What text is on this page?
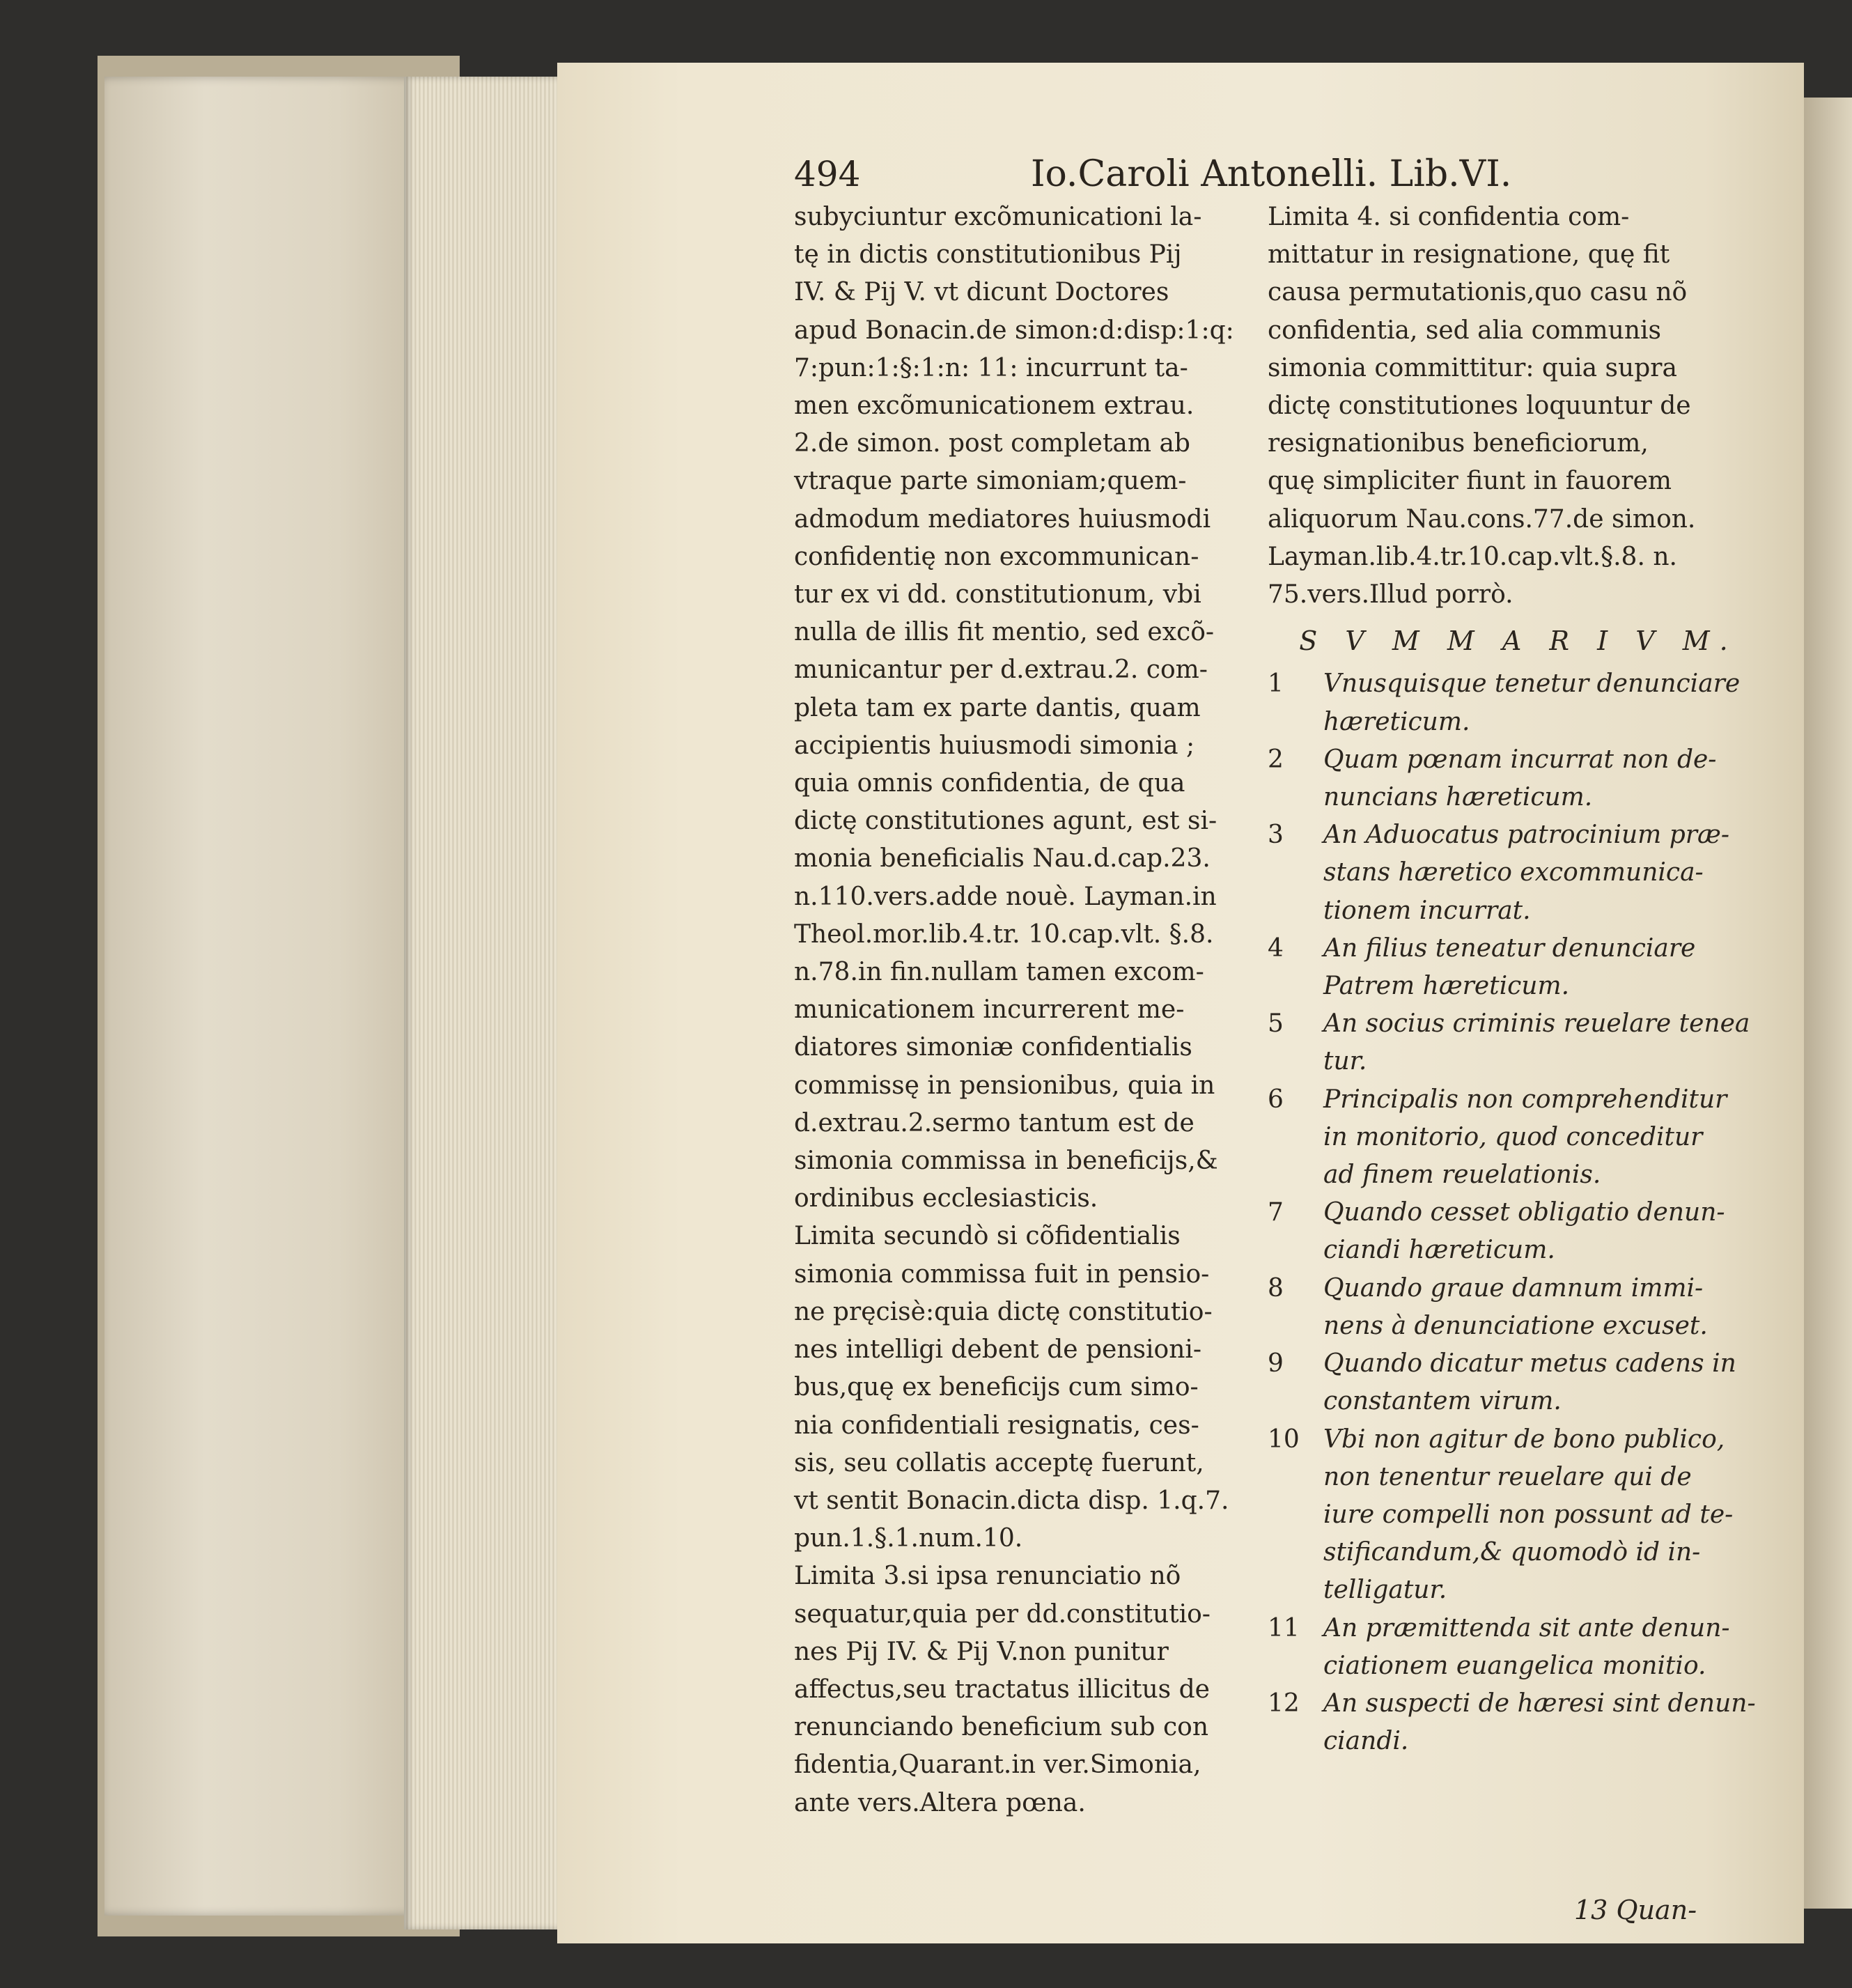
494	Io.Caroli Antonelli. Lib.VI.
subyciuntur excõmunicationi la-
tę in dictis constitutionibus Pij
IV. & Pij V. vt dicunt Doctores
apud Bonacin.de simon:d:disp:1:q:
7:pun:1:§:1:n: 11: incurrunt ta-
men excõmunicationem extrau.
2.de simon. post completam ab
vtraque parte simoniam;quem-
admodum mediatores huiusmodi
confidentię non excommunican-
tur ex vi dd. constitutionum, vbi
nulla de illis fit mentio, sed excõ-
municantur per d.extrau.2. com-
pleta tam ex parte dantis, quam
accipientis huiusmodi simonia ;
quia omnis confidentia, de qua
dictę constitutiones agunt, est si-
monia beneficialis Nau.d.cap.23.
n.110.vers.adde nouè. Layman.in
Theol.mor.lib.4.tr. 10.cap.vlt. §.8.
n.78.in fin.nullam tamen excom-
municationem incurrerent me-
diatores simoniæ confidentialis
commissę in pensionibus, quia in
d.extrau.2.sermo tantum est de
simonia commissa in beneficijs,&
ordinibus ecclesiasticis.
Limita secundò si cõfidentialis
simonia commissa fuit in pensio-
ne pręcisè:quia dictę constitutio-
nes intelligi debent de pensioni-
bus,quę ex beneficijs cum simo-
nia confidentiali resignatis, ces-
sis, seu collatis acceptę fuerunt,
vt sentit Bonacin.dicta disp. 1.q.7.
pun.1.§.1.num.10.
Limita 3.si ipsa renunciatio nõ
sequatur,quia per dd.constitutio-
nes Pij IV. & Pij V.non punitur
affectus,seu tractatus illicitus de
renunciando beneficium sub con
fidentia,Quarant.in ver.Simonia,
ante vers.Altera pœna.
Limita 4. si confidentia com-
mittatur in resignatione, quę fit
causa permutationis,quo casu nõ
confidentia, sed alia communis
simonia committitur: quia supra
dictę constitutiones loquuntur de
resignationibus beneficiorum,
quę simpliciter fiunt in fauorem
aliquorum Nau.cons.77.de simon.
Layman.lib.4.tr.10.cap.vlt.§.8. n.
75.vers.Illud porrò.
S V M M A R I V M.
1	Vnusquisque tenetur denunciare
hæreticum.
2	Quam pœnam incurrat non de-
nuncians hæreticum.
3	An Aduocatus patrocinium præ-
stans hæretico excommunica-
tionem incurrat.
4	An filius teneatur denunciare
Patrem hæreticum.
5	An socius criminis reuelare tenea
tur.
6	Principalis non comprehenditur
in monitorio, quod conceditur
ad finem reuelationis.
7	Quando cesset obligatio denun-
ciandi hæreticum.
8	Quando graue damnum immi-
nens à denunciatione excuset.
9	Quando dicatur metus cadens in
constantem virum.
10 Vbi non agitur de bono publico,
non tenentur reuelare qui de
iure compelli non possunt ad te-
stificandum,& quomodò id in-
telligatur.
11 An præmittenda sit ante denun-
ciationem euangelica monitio.
12 An suspecti de hæresi sint denun-
ciandi.
13 Quan-
